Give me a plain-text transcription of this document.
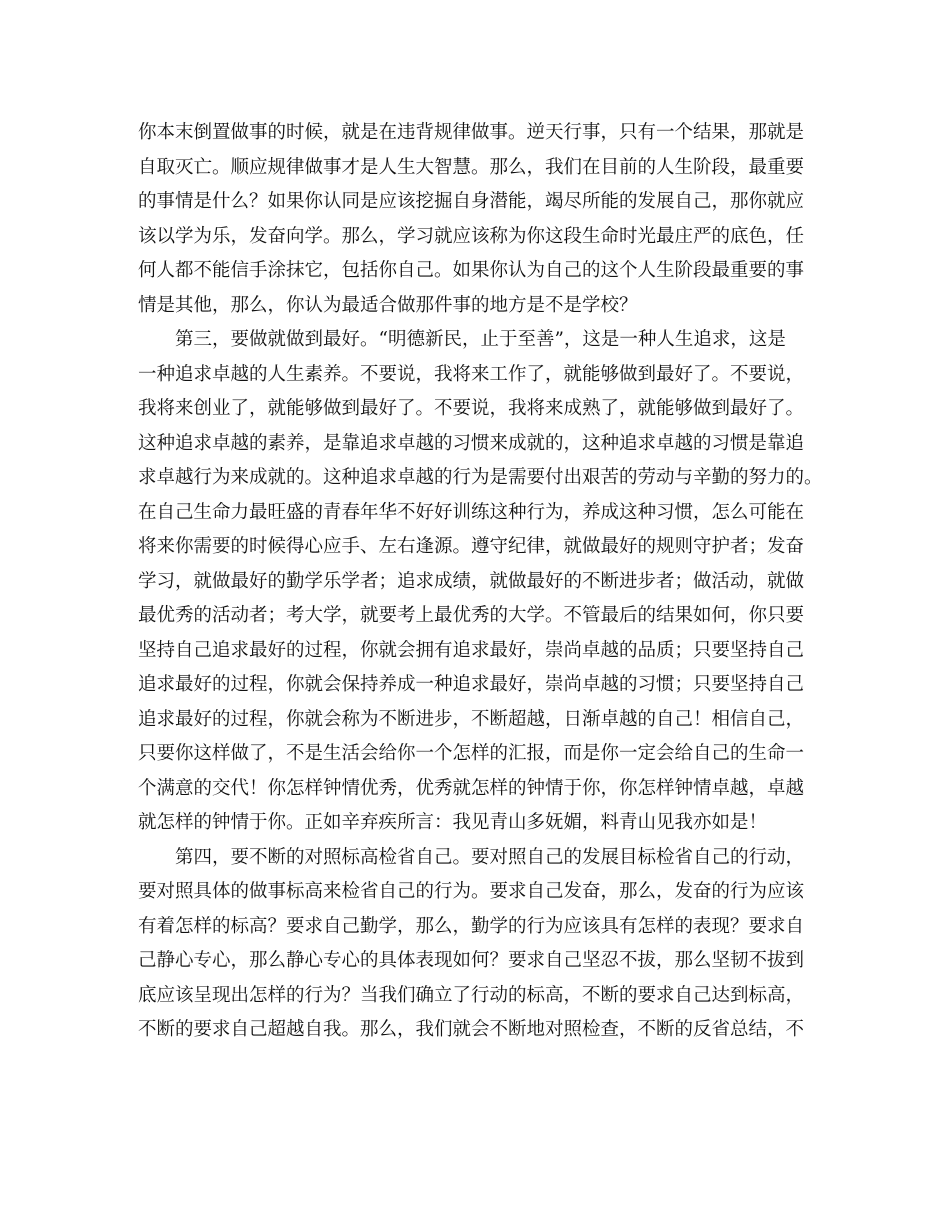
你本末倒置做事的时候，就是在违背规律做事。逆天行事，只有一个结果，那就是
自取灭亡。顺应规律做事才是人生大智慧。那么，我们在目前的人生阶段，最重要
的事情是什么？如果你认同是应该挖掘自身潜能，竭尽所能的发展自己，那你就应
该以学为乐，发奋向学。那么，学习就应该称为你这段生命时光最庄严的底色，任
何人都不能信手涂抹它，包括你自己。如果你认为自己的这个人生阶段最重要的事
情是其他，那么，你认为最适合做那件事的地方是不是学校？
第三，要做就做到最好。“明德新民，止于至善”，这是一种人生追求，这是
一种追求卓越的人生素养。不要说，我将来工作了，就能够做到最好了。不要说，
我将来创业了，就能够做到最好了。不要说，我将来成熟了，就能够做到最好了。
这种追求卓越的素养，是靠追求卓越的习惯来成就的，这种追求卓越的习惯是靠追
求卓越行为来成就的。这种追求卓越的行为是需要付出艰苦的劳动与辛勤的努力的。
在自己生命力最旺盛的青春年华不好好训练这种行为，养成这种习惯，怎么可能在
将来你需要的时候得心应手、左右逢源。遵守纪律，就做最好的规则守护者；发奋
学习，就做最好的勤学乐学者；追求成绩，就做最好的不断进步者；做活动，就做
最优秀的活动者；考大学，就要考上最优秀的大学。不管最后的结果如何，你只要
坚持自己追求最好的过程，你就会拥有追求最好，崇尚卓越的品质；只要坚持自己
追求最好的过程，你就会保持养成一种追求最好，崇尚卓越的习惯；只要坚持自己
追求最好的过程，你就会称为不断进步，不断超越，日渐卓越的自己！相信自己，
只要你这样做了，不是生活会给你一个怎样的汇报，而是你一定会给自己的生命一
个满意的交代！你怎样钟情优秀，优秀就怎样的钟情于你，你怎样钟情卓越，卓越
就怎样的钟情于你。正如辛弃疾所言：我见青山多妩媚，料青山见我亦如是！
第四，要不断的对照标高检省自己。要对照自己的发展目标检省自己的行动，
要对照具体的做事标高来检省自己的行为。要求自己发奋，那么，发奋的行为应该
有着怎样的标高？要求自己勤学，那么，勤学的行为应该具有怎样的表现？要求自
己静心专心，那么静心专心的具体表现如何？要求自己坚忍不拔，那么坚韧不拔到
底应该呈现出怎样的行为？当我们确立了行动的标高，不断的要求自己达到标高，
不断的要求自己超越自我。那么，我们就会不断地对照检查，不断的反省总结，不
